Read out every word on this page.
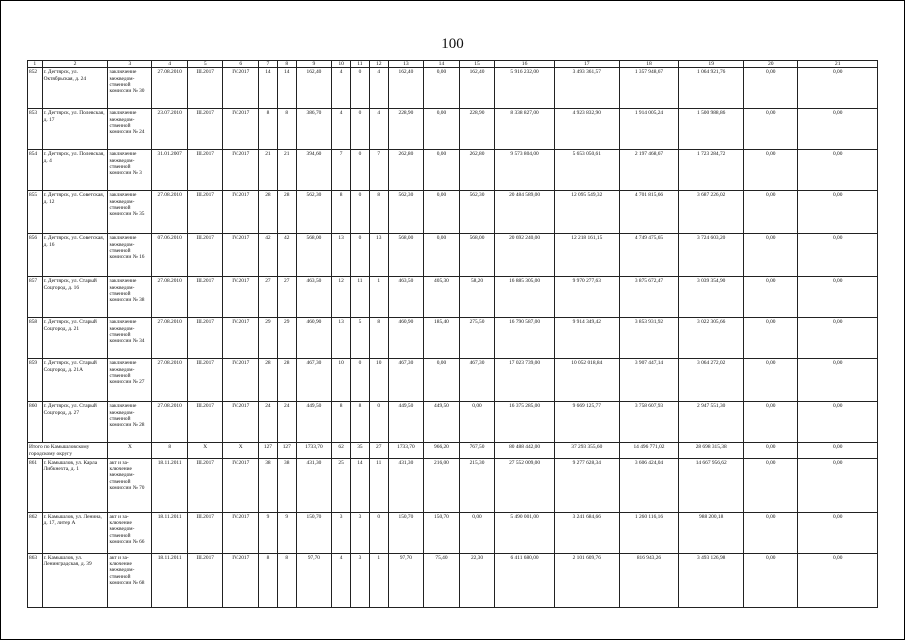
100
1	2	3	4	5	6	7	8	9	10	11	12	13	14	15	16	17	18	19	20	21
852	г. Дегтярск, ул. Октябрьская, д. 24	заключение межведом-ственной комиссии № 30	27.08.2010	III.2017	IV.2017	14	14	162,40	4	0	4	162,40	0,00	162,40	5 916 232,00	3 493 361,57	1 357 948,67	1 064 921,76	0,00	0,00
853	г. Дегтярск, ул. Полевская, д. 17	заключение межведом-ственной комиссии № 24	23.07.2010	III.2017	IV.2017	8	8	386,70	4	0	4	228,90	0,00	228,90	8 338 827,00	4 923 832,90	1 914 005,24	1 500 988,86	0,00	0,00
854	г. Дегтярск, ул. Полевская, д. 4	заключение межведом-ственной комиссии № 3	31.01.2007	III.2017	IV.2017	21	21	394,60	7	0	7	262,80	0,00	262,80	9 573 804,00	5 653 050,61	2 197 468,67	1 723 284,72	0,00	0,00
855	г. Дегтярск, ул. Советская, д. 12	заключение межведом-ственной комиссии № 35	27.08.2010	III.2017	IV.2017	28	28	562,30	8	0	8	562,30	0,00	562,30	20 484 589,00	12 095 549,32	4 701 815,66	3 687 226,02	0,00	0,00
856	г. Дегтярск, ул. Советская, д. 16	заключение межведом-ственной комиссии № 16	07.06.2010	III.2017	IV.2017	42	42	568,00	13	0	13	568,00	0,00	568,00	20 692 240,00	12 218 161,15	4 749 475,65	3 724 603,20	0,00	0,00
857	г. Дегтярск, ул. Старый Соцгород, д. 16	заключение межведом-ственной комиссии № 38	27.08.2010	III.2017	IV.2017	27	27	463,50	12	11	1	463,50	405,30	58,20	16 885 305,00	9 970 277,63	3 875 672,47	3 039 354,90	0,00	0,00
858	г. Дегтярск, ул. Старый Соцгород, д. 21	заключение межведом-ственной комиссии № 34	27.08.2010	III.2017	IV.2017	29	29	460,90	13	5	8	460,90	185,40	275,50	16 790 587,00	9 914 349,42	3 853 931,92	3 022 305,66	0,00	0,00
859	г. Дегтярск, ул. Старый Соцгород, д. 21А	заключение межведом-ственной комиссии № 27	27.08.2010	III.2017	IV.2017	28	28	467,30	10	0	10	467,30	0,00	467,30	17 023 739,00	10 052 018,84	3 907 447,14	3 064 272,02	0,00	0,00
860	г. Дегтярск, ул. Старый Соцгород, д. 27	заключение межведом-ственной комиссии № 28	27.08.2010	III.2017	IV.2017	24	24	449,50	8	8	0	449,50	449,50	0,00	16 375 285,00	9 669 125,77	3 758 607,93	2 947 551,30	0,00	0,00
Итого по Камышловскому городскому округу		X	8	X	X	127	127	1733,70	62	35	27	1733,70	966,20	767,50	80 488 442,00	37 293 355,60	14 496 771,02	28 698 315,38	0,00	0,00
861	г. Камышлов, ул. Карла Либкнехта, д. 1	акт и за-ключение межведом-ственной комиссии № 70	18.11.2011	III.2017	IV.2017	38	38	431,30	25	14	11	431,30	216,00	215,30	27 552 009,00	9 277 628,34	3 606 424,04	14 667 956,62	0,00	0,00
862	г. Камышлов, ул. Ленина, д. 17, литер А	акт и за-ключение межведом-ственной комиссии № 66	18.11.2011	III.2017	IV.2017	9	9	150,70	3	3	0	150,70	150,70	0,00	5 490 001,00	3 241 684,66	1 260 116,16	988 200,18	0,00	0,00
863	г. Камышлов, ул. Ленинградская, д. 39	акт и за-ключение межведом-ственной комиссии № 68	18.11.2011	III.2017	IV.2017	8	8	97,70	4	3	1	97,70	75,40	22,30	6 411 680,00	2 101 609,76	816 943,26	3 493 126,98	0,00	0,00
